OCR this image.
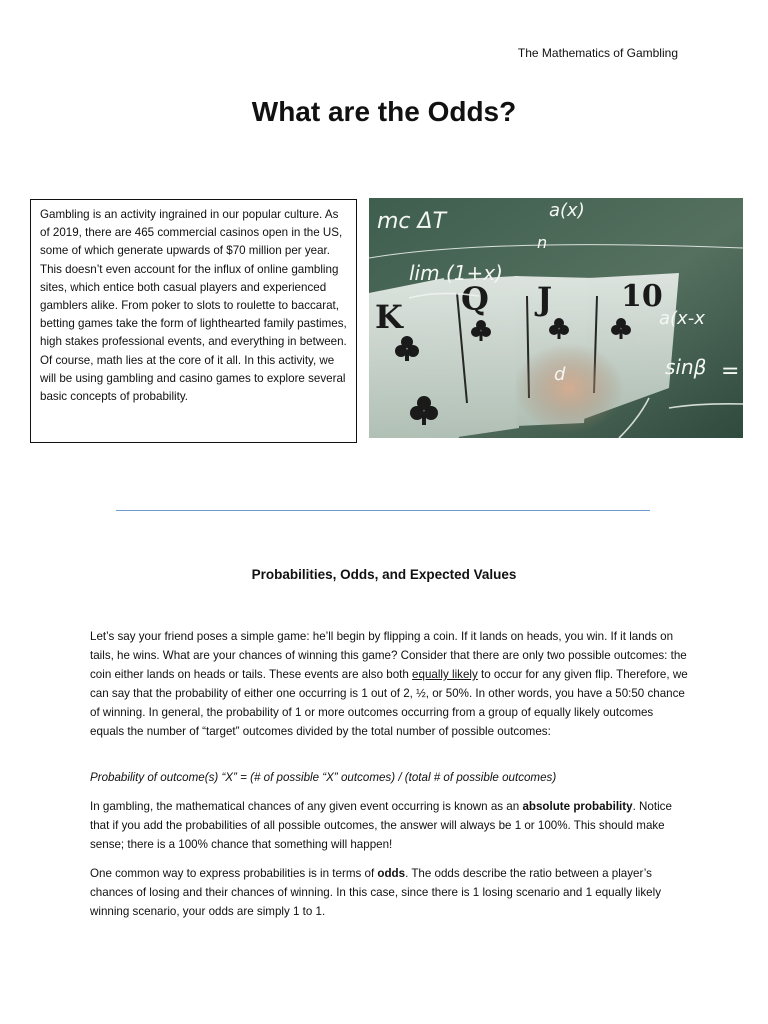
The Mathematics of Gambling
What are the Odds?
Gambling is an activity ingrained in our popular culture. As of 2019, there are 465 commercial casinos open in the US, some of which generate upwards of $70 million per year. This doesn’t even account for the influx of online gambling sites, which entice both casual players and experienced gamblers alike. From poker to slots to roulette to baccarat, betting games take the form of lighthearted family pastimes, high stakes professional events, and everything in between. Of course, math lies at the core of it all. In this activity, we will be using gambling and casino games to explore several basic concepts of probability.
K Q J 10
mc ΔT
lim (1+x)
n
a(x-x
sinβ =
d
a(x)
Probabilities, Odds, and Expected Values

Let’s say your friend poses a simple game: he’ll begin by flipping a coin. If it lands on heads, you win. If it lands on tails, he wins. What are your chances of winning this game? Consider that there are only two possible outcomes: the coin either lands on heads or tails. These events are also both equally likely to occur for any given flip. Therefore, we can say that the probability of either one occurring is 1 out of 2, ½, or 50%. In other words, you have a 50:50 chance of winning. In general, the probability of 1 or more outcomes occurring from a group of equally likely outcomes equals the number of “target” outcomes divided by the total number of possible outcomes:

Probability of outcome(s) “X” = (# of possible “X” outcomes) / (total # of possible outcomes)

In gambling, the mathematical chances of any given event occurring is known as an absolute probability. Notice that if you add the probabilities of all possible outcomes, the answer will always be 1 or 100%. This should make sense; there is a 100% chance that something will happen!

One common way to express probabilities is in terms of odds. The odds describe the ratio between a player’s chances of losing and their chances of winning. In this case, since there is 1 losing scenario and 1 equally likely winning scenario, your odds are simply 1 to 1.
